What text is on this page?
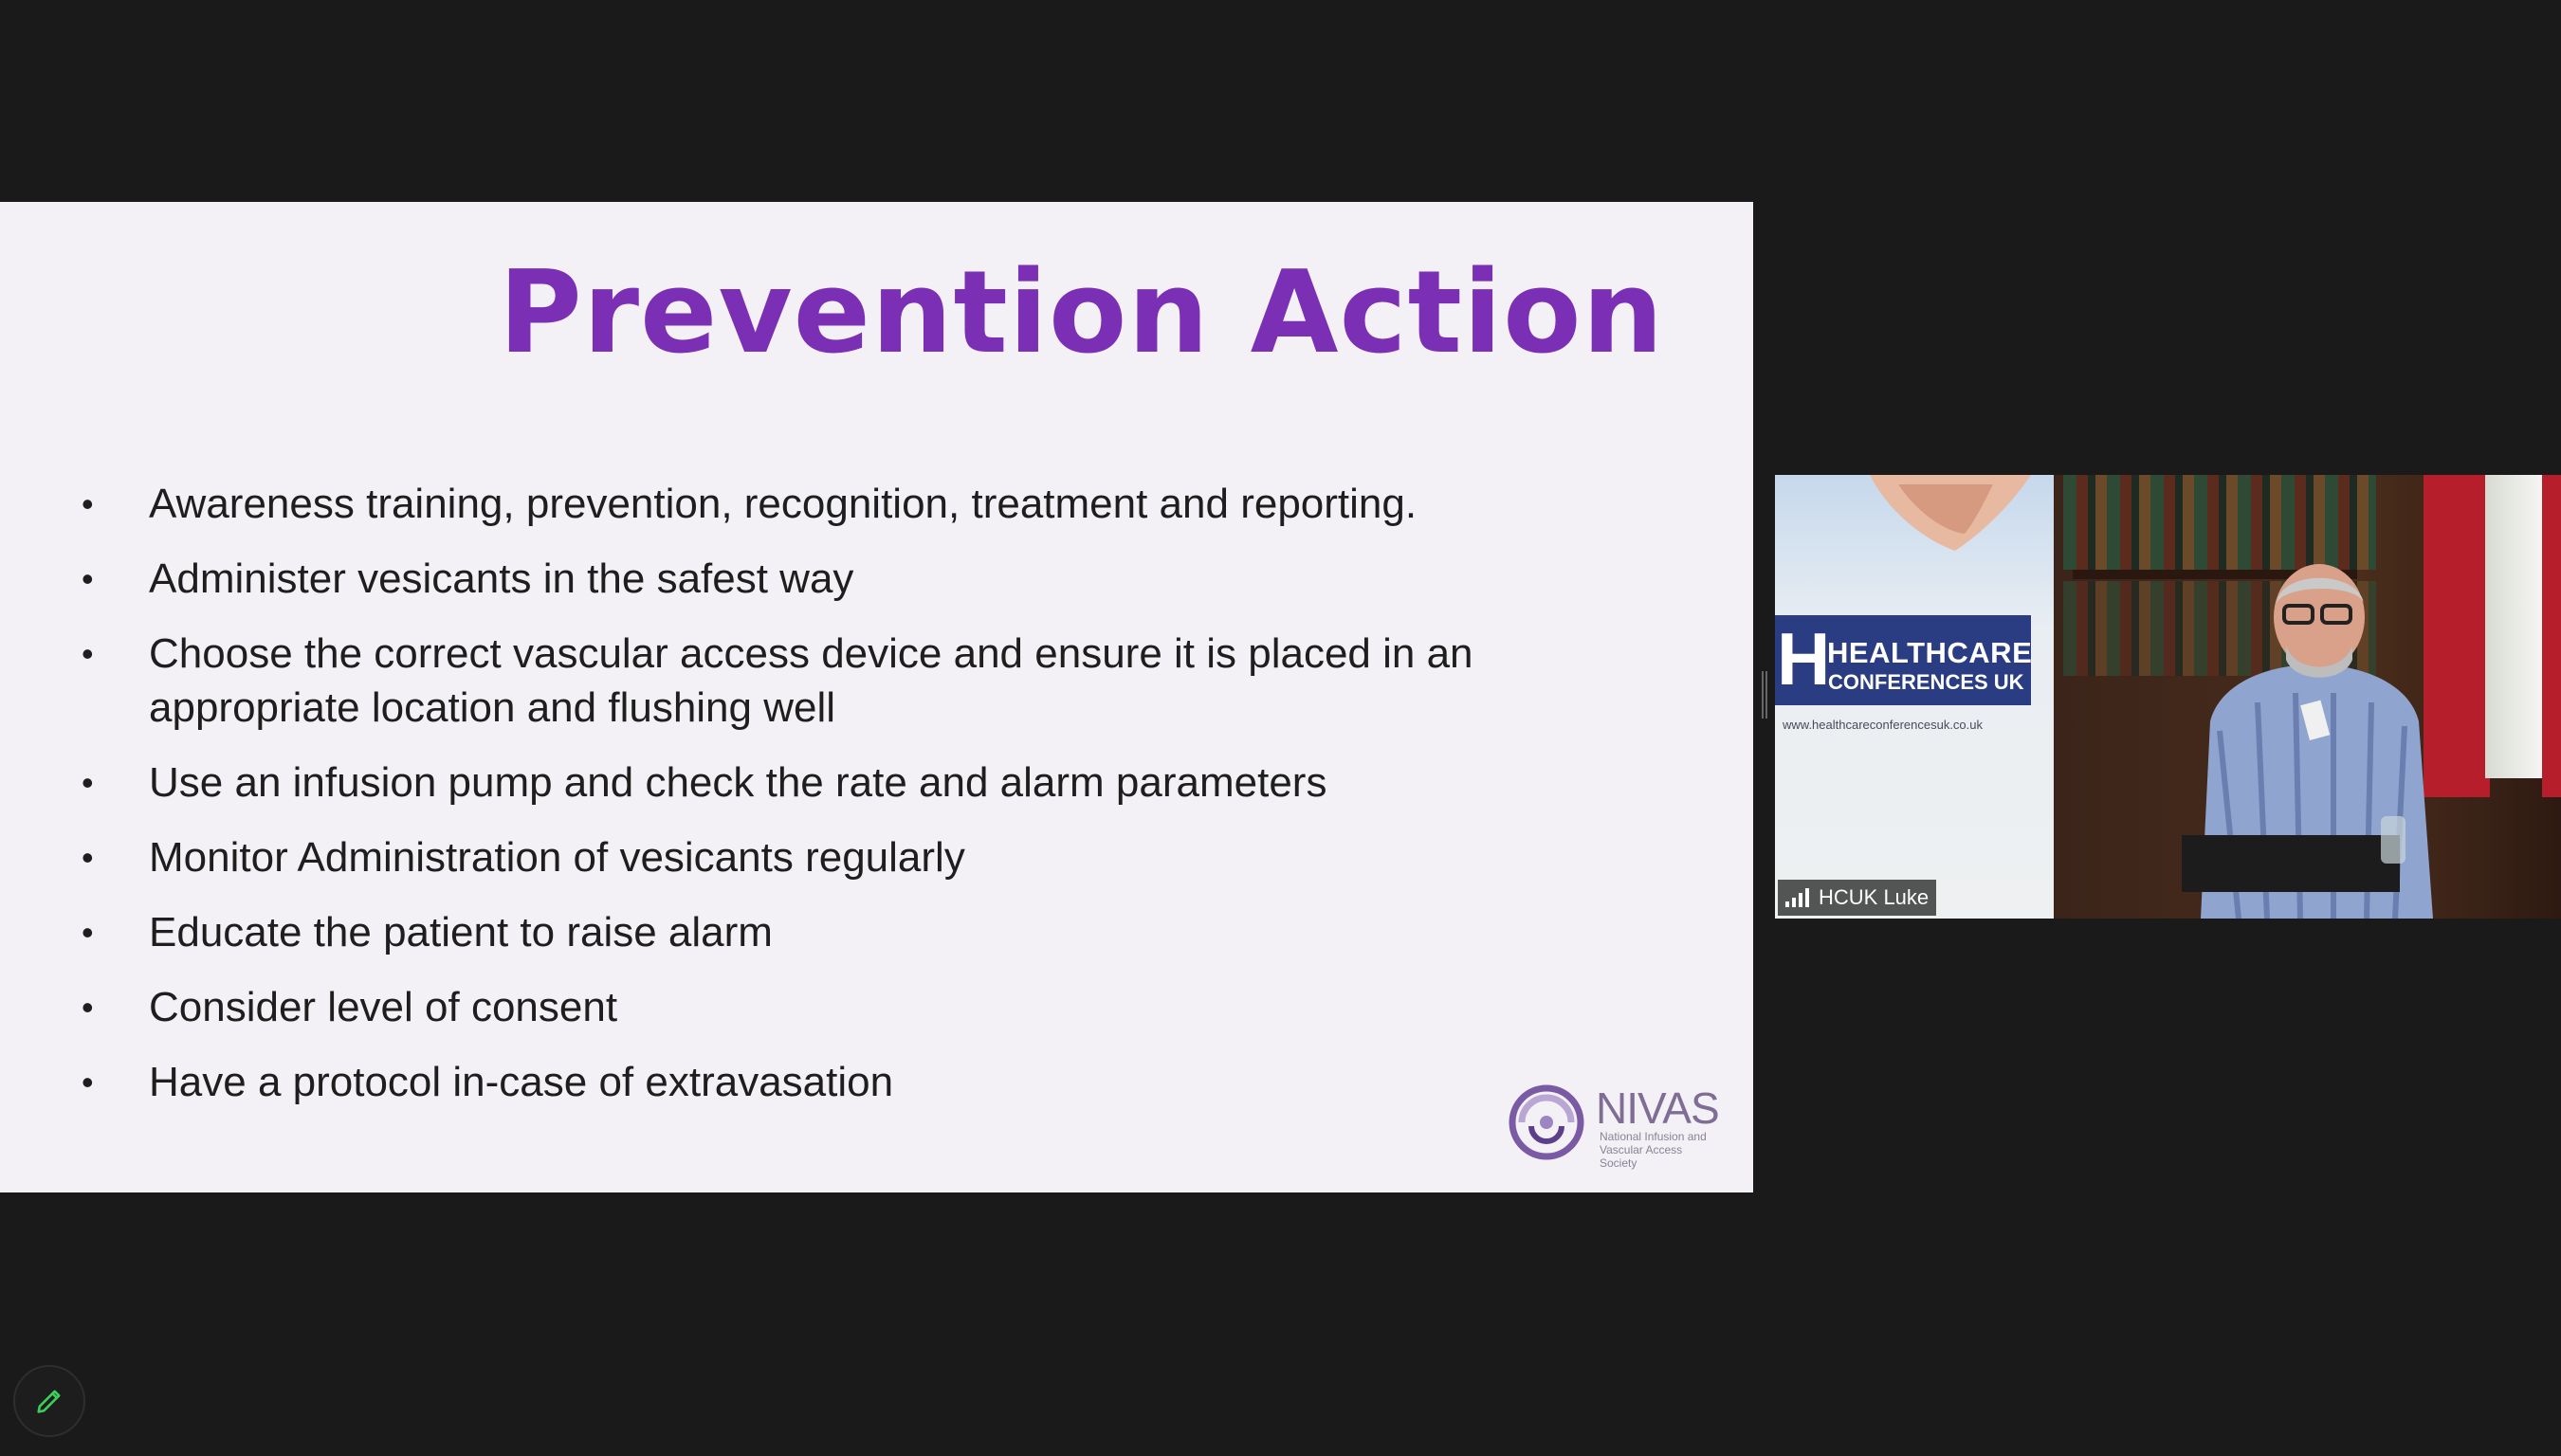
Prevention Action
• Awareness training, prevention, recognition, treatment and reporting.
• Administer vesicants in the safest way
• Choose the correct vascular access device and ensure it is placed in an appropriate location and flushing well
• Use an infusion pump and check the rate and alarm parameters
• Monitor Administration of vesicants regularly
• Educate the patient to raise alarm
• Consider level of consent
• Have a protocol in-case of extravasation
NIVAS
National Infusion and Vascular Access Society
H
HEALTHCARE
CONFERENCES UK
www.healthcareconferencesuk.co.uk
HCUK Luke
